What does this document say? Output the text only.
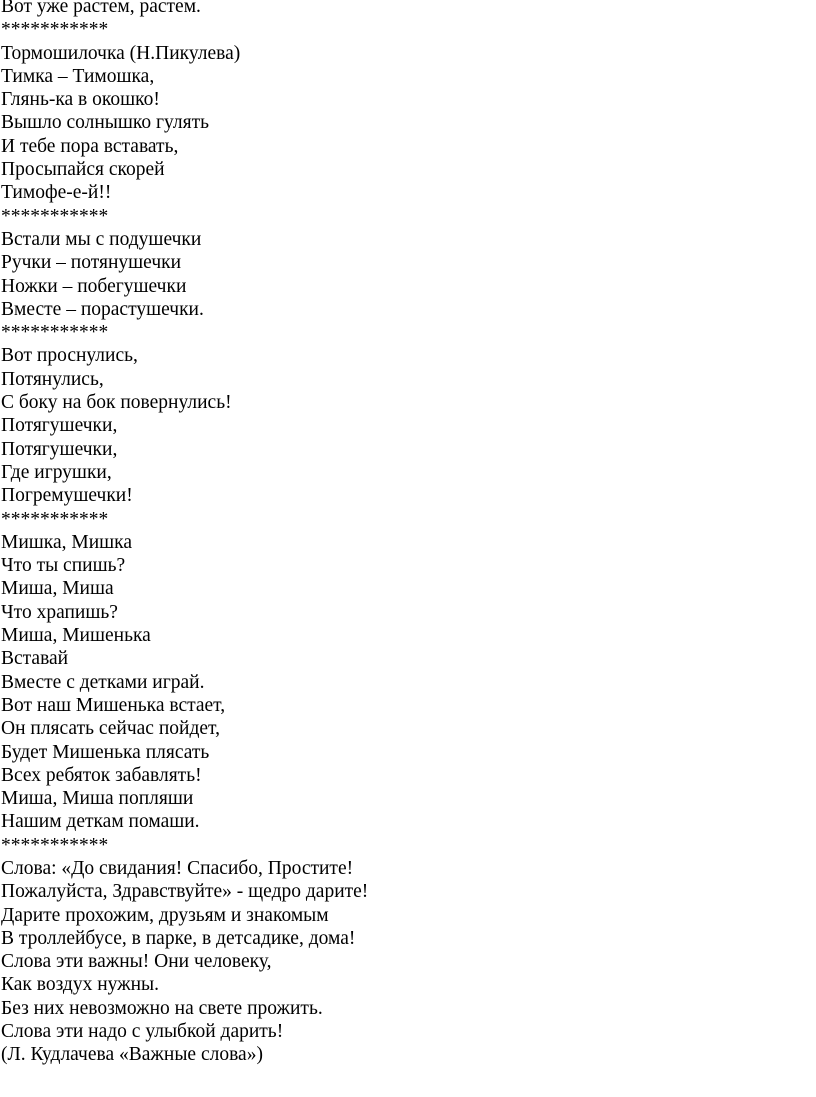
Вот уже растем, растем.
***********
Тормошилочка (Н.Пикулева)
Тимка – Тимошка,
Глянь-ка в окошко!
Вышло солнышко гулять
И тебе пора вставать,
Просыпайся скорей
Тимофе-е-й!!
***********
Встали мы с подушечки
Ручки – потянушечки
Ножки – побегушечки
Вместе – порастушечки.
***********
Вот проснулись,
Потянулись,
С боку на бок повернулись!
Потягушечки,
Потягушечки,
Где игрушки,
Погремушечки!
***********
Мишка, Мишка
Что ты спишь?
Миша, Миша
Что храпишь?
Миша, Мишенька
Вставай
Вместе с детками играй.
Вот наш Мишенька встает,
Он плясать сейчас пойдет,
Будет Мишенька плясать
Всех ребяток забавлять!
Миша, Миша попляши
Нашим деткам помаши.
***********
Слова: «До свидания! Спасибо, Простите!
Пожалуйста, Здравствуйте» - щедро дарите!
Дарите прохожим, друзьям и знакомым
В троллейбусе, в парке, в детсадике, дома!
Слова эти важны! Они человеку,
Как воздух нужны.
Без них невозможно на свете прожить.
Слова эти надо с улыбкой дарить!
(Л. Кудлачева «Важные слова»)
